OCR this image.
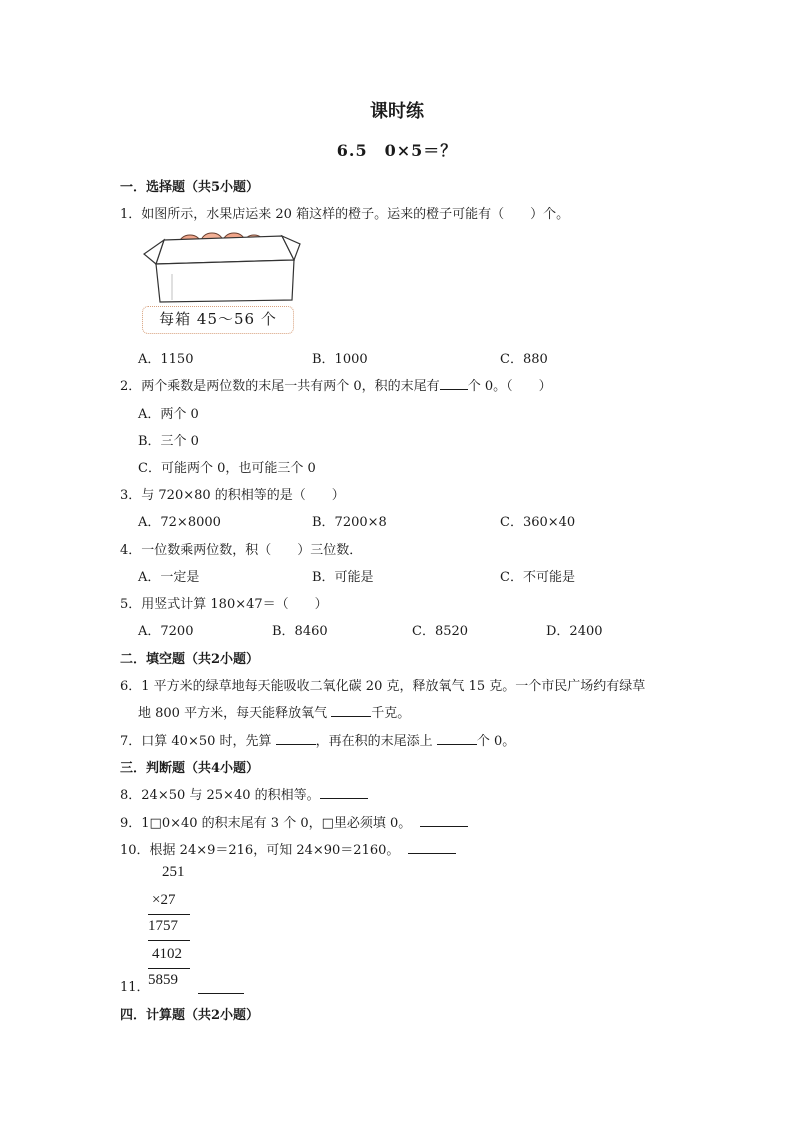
课时练
6.5　0×5＝？
一．选择题（共5小题）
1．如图所示，水果店运来 20 箱这样的橙子。运来的橙子可能有（　　）个。
每箱 45～56 个
A．1150	B．1000	C．880
2．两个乘数是两位数的末尾一共有两个 0，积的末尾有 个 0。（　　）
A．两个 0
B．三个 0
C．可能两个 0，也可能三个 0
3．与 720×80 的积相等的是（　　）
A．72×8000	B．7200×8	C．360×40
4．一位数乘两位数，积（　　）三位数．
A．一定是	B．可能是	C．不可能是
5．用竖式计算 180×47＝（　　）
A．7200	B．8460	C．8520	D．2400
二．填空题（共2小题）
6．1 平方米的绿草地每天能吸收二氧化碳 20 克，释放氧气 15 克。一个市民广场约有绿草
地 800 平方米，每天能释放氧气	千克。
7．口算 40×50 时，先算	，再在积的末尾添上	个 0。
三．判断题（共4小题）
8．24×50 与 25×40 的积相等。
9．1□0×40 的积末尾有 3 个 0，□里必须填 0。
10．根据 24×9＝216，可知 24×90＝2160。
251
×27
1757
4102
11．
5859
四．计算题（共2小题）
